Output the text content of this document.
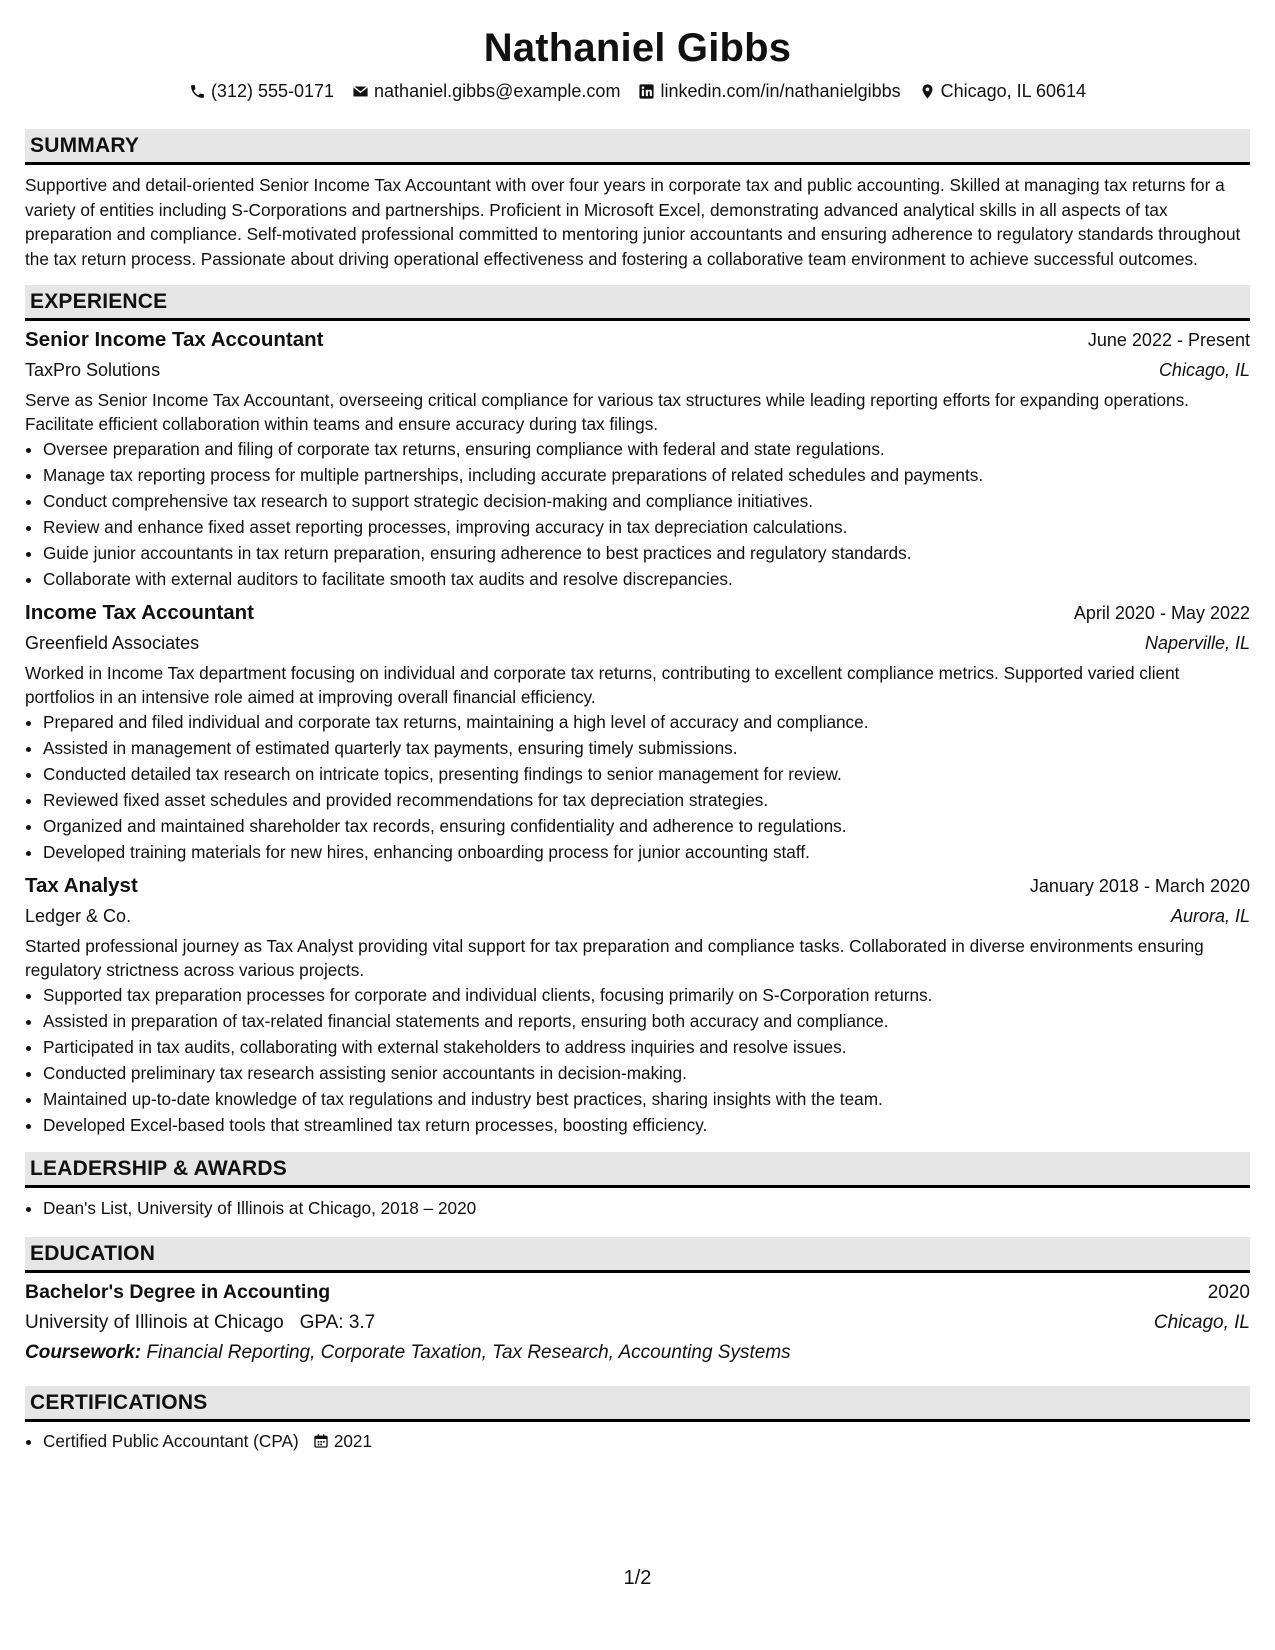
Nathaniel Gibbs
(312) 555-0171 nathaniel.gibbs@example.com linkedin.com/in/nathanielgibbs Chicago, IL 60614
SUMMARY

Supportive and detail-oriented Senior Income Tax Accountant with over four years in corporate tax and public accounting. Skilled at managing tax returns for a variety of entities including S-Corporations and partnerships. Proficient in Microsoft Excel, demonstrating advanced analytical skills in all aspects of tax preparation and compliance. Self-motivated professional committed to mentoring junior accountants and ensuring adherence to regulatory standards throughout the tax return process. Passionate about driving operational effectiveness and fostering a collaborative team environment to achieve successful outcomes.

EXPERIENCE
Senior Income Tax Accountant	June 2022 - Present
TaxPro Solutions	Chicago, IL

Serve as Senior Income Tax Accountant, overseeing critical compliance for various tax structures while leading reporting efforts for expanding operations. Facilitate efficient collaboration within teams and ensure accuracy during tax filings.

• Oversee preparation and filing of corporate tax returns, ensuring compliance with federal and state regulations.
• Manage tax reporting process for multiple partnerships, including accurate preparations of related schedules and payments.
• Conduct comprehensive tax research to support strategic decision-making and compliance initiatives.
• Review and enhance fixed asset reporting processes, improving accuracy in tax depreciation calculations.
• Guide junior accountants in tax return preparation, ensuring adherence to best practices and regulatory standards.
• Collaborate with external auditors to facilitate smooth tax audits and resolve discrepancies.
Income Tax Accountant	April 2020 - May 2022
Greenfield Associates	Naperville, IL

Worked in Income Tax department focusing on individual and corporate tax returns, contributing to excellent compliance metrics. Supported varied client portfolios in an intensive role aimed at improving overall financial efficiency.

• Prepared and filed individual and corporate tax returns, maintaining a high level of accuracy and compliance.
• Assisted in management of estimated quarterly tax payments, ensuring timely submissions.
• Conducted detailed tax research on intricate topics, presenting findings to senior management for review.
• Reviewed fixed asset schedules and provided recommendations for tax depreciation strategies.
• Organized and maintained shareholder tax records, ensuring confidentiality and adherence to regulations.
• Developed training materials for new hires, enhancing onboarding process for junior accounting staff.
Tax Analyst	January 2018 - March 2020
Ledger & Co.	Aurora, IL

Started professional journey as Tax Analyst providing vital support for tax preparation and compliance tasks. Collaborated in diverse environments ensuring regulatory strictness across various projects.

• Supported tax preparation processes for corporate and individual clients, focusing primarily on S-Corporation returns.
• Assisted in preparation of tax-related financial statements and reports, ensuring both accuracy and compliance.
• Participated in tax audits, collaborating with external stakeholders to address inquiries and resolve issues.
• Conducted preliminary tax research assisting senior accountants in decision-making.
• Maintained up-to-date knowledge of tax regulations and industry best practices, sharing insights with the team.
• Developed Excel-based tools that streamlined tax return processes, boosting efficiency.
LEADERSHIP & AWARDS
• Dean's List, University of Illinois at Chicago, 2018 – 2020
EDUCATION
Bachelor's Degree in Accounting	2020
University of Illinois at Chicago GPA: 3.7	Chicago, IL
Coursework: Financial Reporting, Corporate Taxation, Tax Research, Accounting Systems
CERTIFICATIONS
• Certified Public Accountant (CPA) 2021
1/2
